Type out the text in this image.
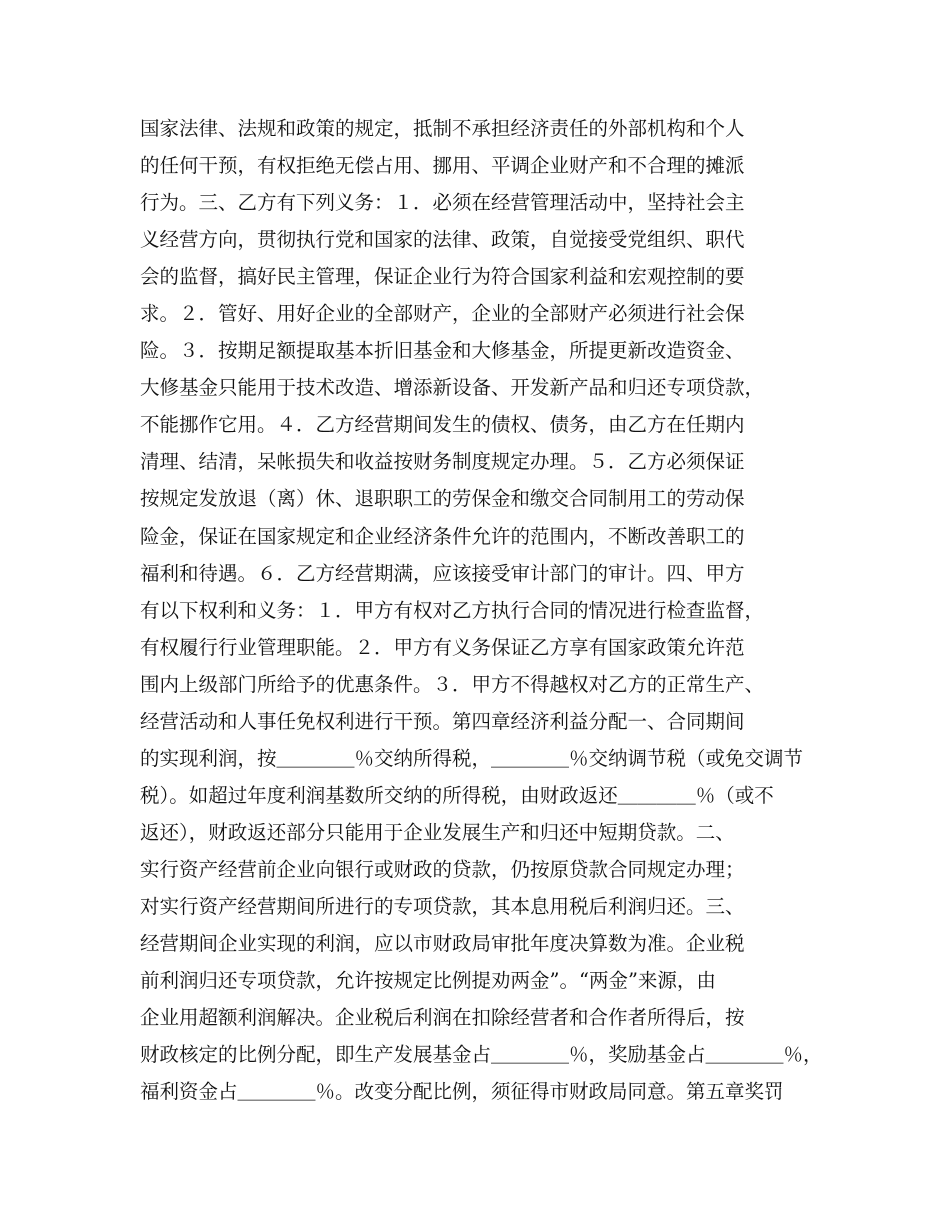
国家法律、法规和政策的规定，抵制不承担经济责任的外部机构和个人
的任何干预，有权拒绝无偿占用、挪用、平调企业财产和不合理的摊派
行为。三、乙方有下列义务：１．必须在经营管理活动中，坚持社会主
义经营方向，贯彻执行党和国家的法律、政策，自觉接受党组织、职代
会的监督，搞好民主管理，保证企业行为符合国家利益和宏观控制的要
求。２．管好、用好企业的全部财产，企业的全部财产必须进行社会保
险。３．按期足额提取基本折旧基金和大修基金，所提更新改造资金、
大修基金只能用于技术改造、增添新设备、开发新产品和归还专项贷款，
不能挪作它用。４．乙方经营期间发生的债权、债务，由乙方在任期内
清理、结清，呆帐损失和收益按财务制度规定办理。５．乙方必须保证
按规定发放退（离）休、退职职工的劳保金和缴交合同制用工的劳动保
险金，保证在国家规定和企业经济条件允许的范围内，不断改善职工的
福利和待遇。６．乙方经营期满，应该接受审计部门的审计。四、甲方
有以下权利和义务：１．甲方有权对乙方执行合同的情况进行检查监督，
有权履行行业管理职能。２．甲方有义务保证乙方享有国家政策允许范
围内上级部门所给予的优惠条件。３．甲方不得越权对乙方的正常生产、
经营活动和人事任免权利进行干预。第四章经济利益分配一、合同期间
的实现利润，按＿＿＿＿％交纳所得税，＿＿＿＿％交纳调节税（或免交调节
税）。如超过年度利润基数所交纳的所得税，由财政返还＿＿＿＿％（或不
返还），财政返还部分只能用于企业发展生产和归还中短期贷款。二、
实行资产经营前企业向银行或财政的贷款，仍按原贷款合同规定办理；
对实行资产经营期间所进行的专项贷款，其本息用税后利润归还。三、
经营期间企业实现的利润，应以市财政局审批年度决算数为准。企业税
前利润归还专项贷款，允许按规定比例提劝两金”。“两金”来源，由
企业用超额利润解决。企业税后利润在扣除经营者和合作者所得后，按
财政核定的比例分配，即生产发展基金占＿＿＿＿％，奖励基金占＿＿＿＿％，
福利资金占＿＿＿＿％。改变分配比例，须征得市财政局同意。第五章奖罚
